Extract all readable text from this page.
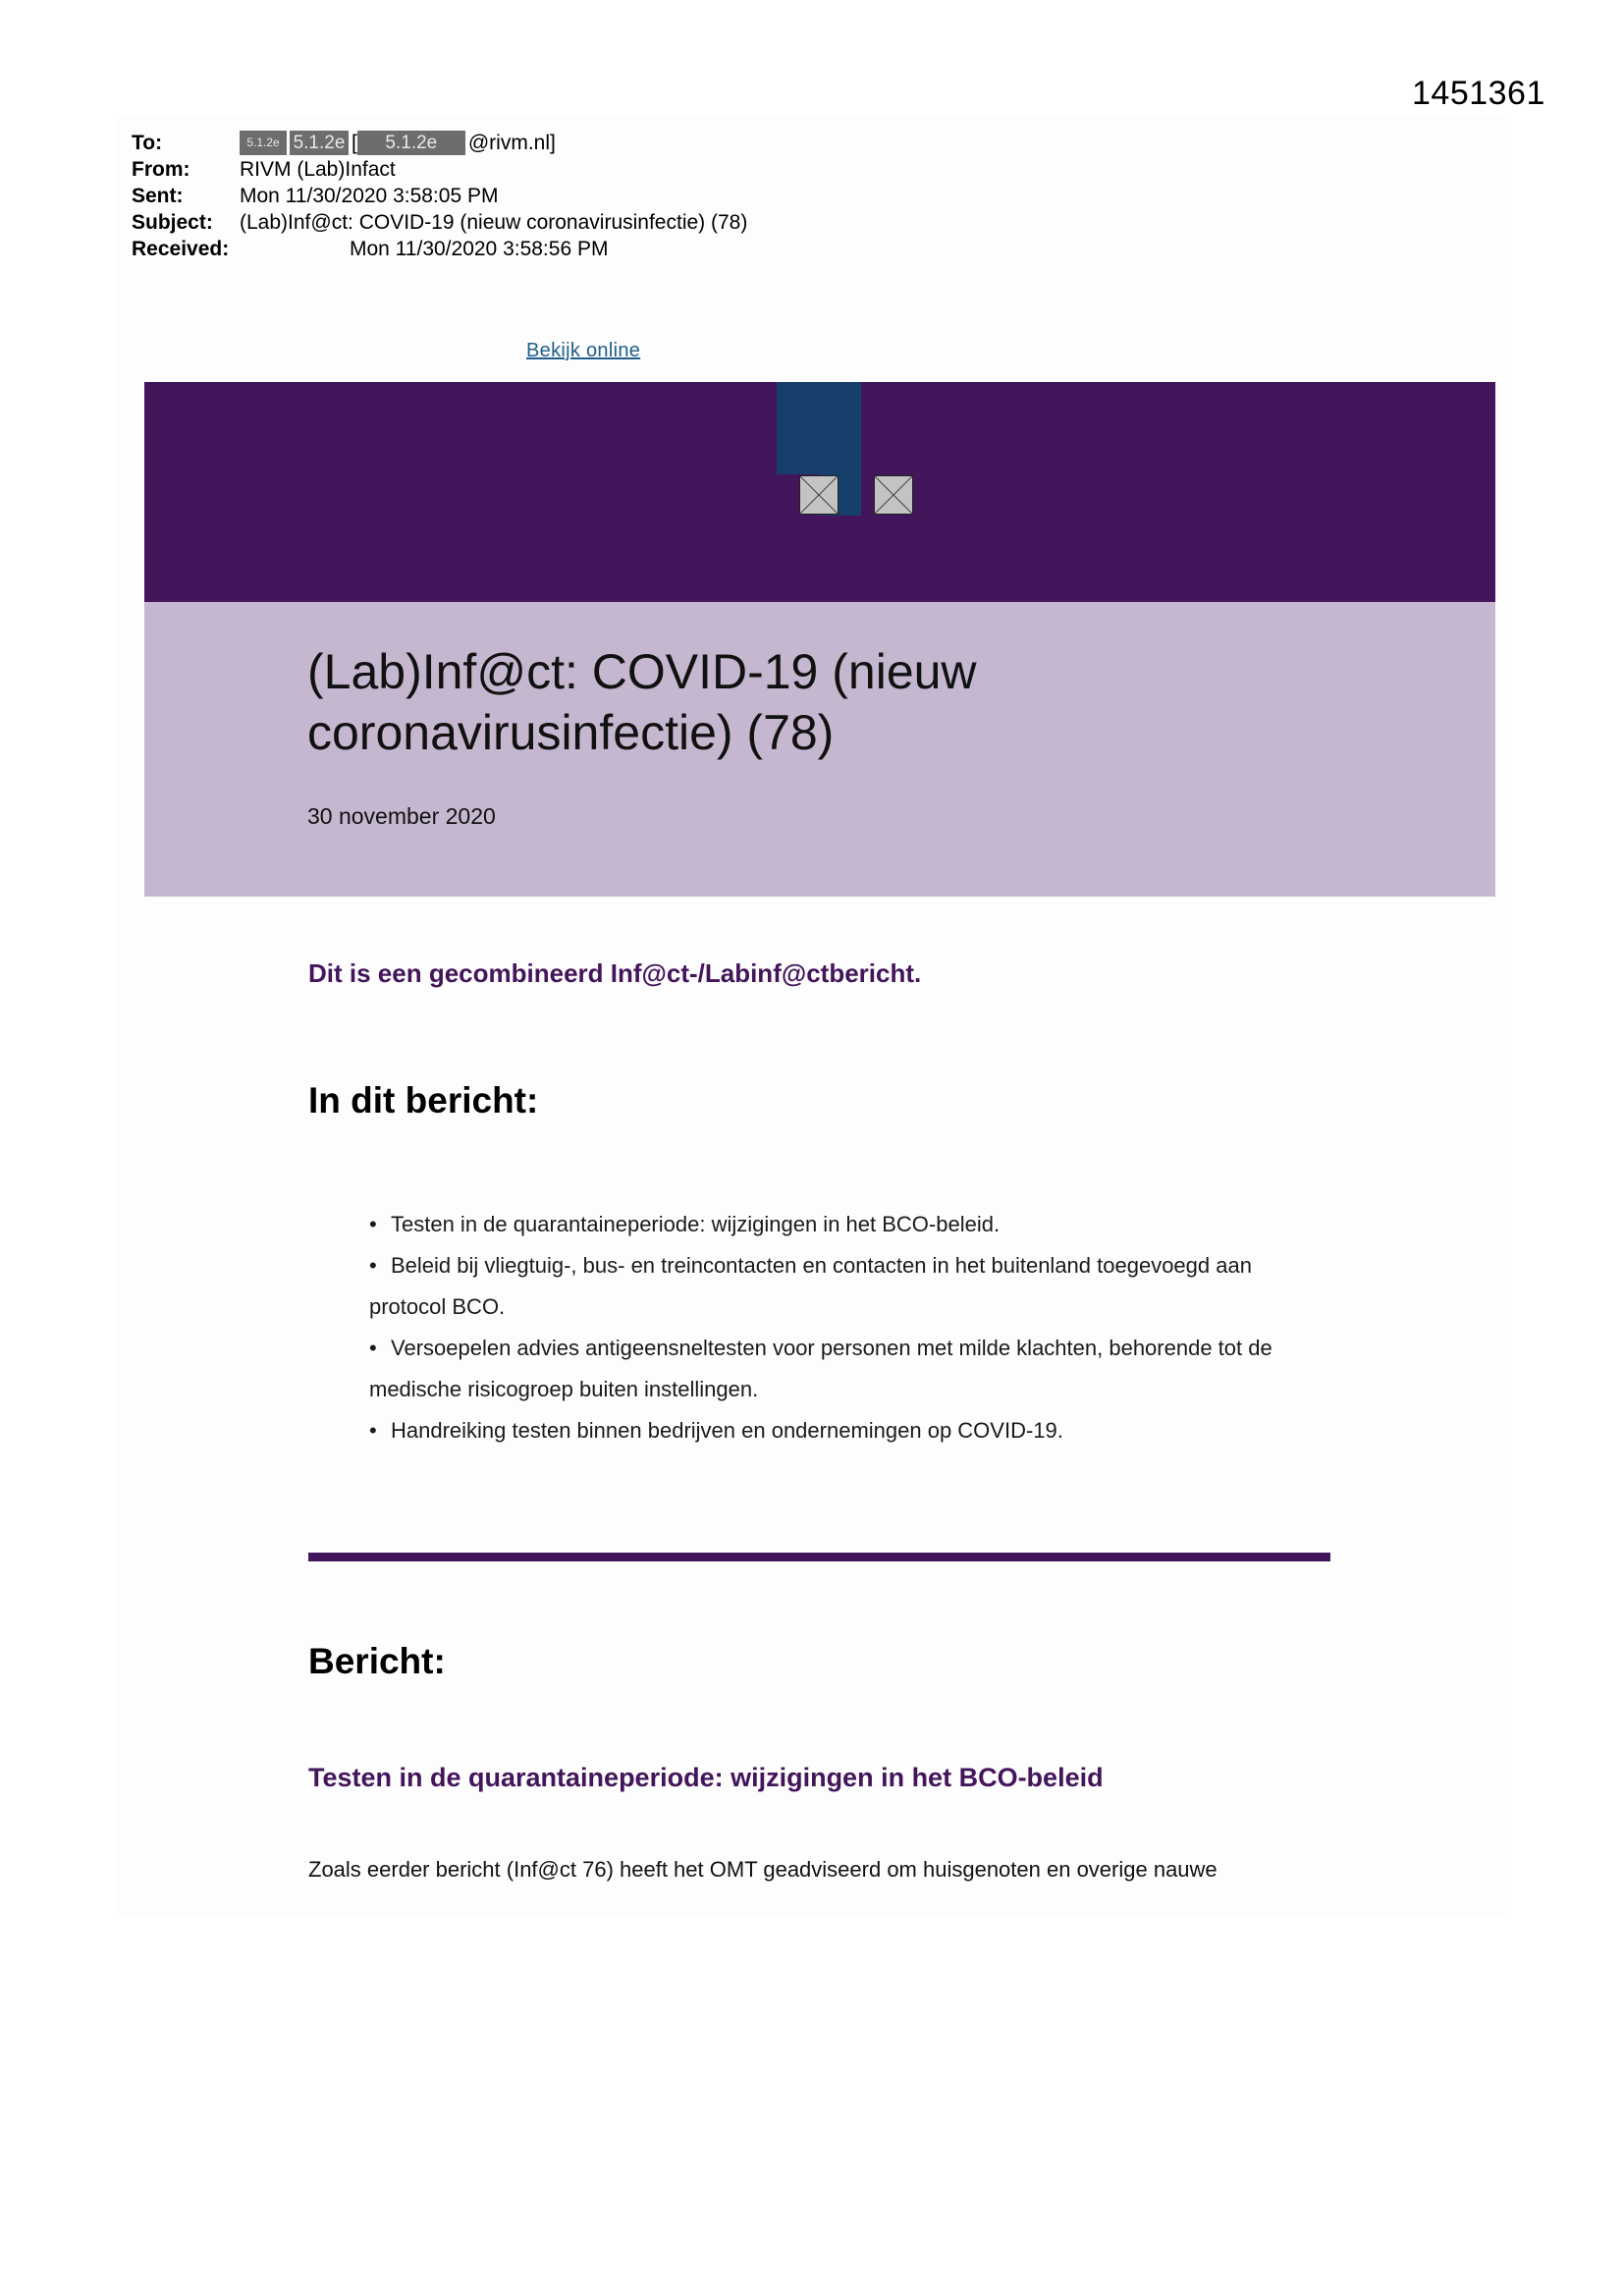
1451361
To:	5.1.2e 5.1.2e [	5.1.2e	@rivm.nl]
From:	RIVM (Lab)Infact
Sent:	Mon 11/30/2020 3:58:05 PM
Subject:	(Lab)Inf@ct: COVID-19 (nieuw coronavirusinfectie) (78)
Received:	Mon 11/30/2020 3:58:56 PM
Bekijk online
(Lab)Inf@ct: COVID-19 (nieuw coronavirusinfectie) (78)
30 november 2020
Dit is een gecombineerd Inf@ct-/Labinf@ctbericht.
In dit bericht:
• Testen in de quarantaineperiode: wijzigingen in het BCO-beleid.
• Beleid bij vliegtuig-, bus- en treincontacten en contacten in het buitenland toegevoegd aan protocol BCO.
• Versoepelen advies antigeensneltesten voor personen met milde klachten, behorende tot de medische risicogroep buiten instellingen.
• Handreiking testen binnen bedrijven en ondernemingen op COVID-19.
Bericht:
Testen in de quarantaineperiode: wijzigingen in het BCO-beleid
Zoals eerder bericht (Inf@ct 76) heeft het OMT geadviseerd om huisgenoten en overige nauwe
